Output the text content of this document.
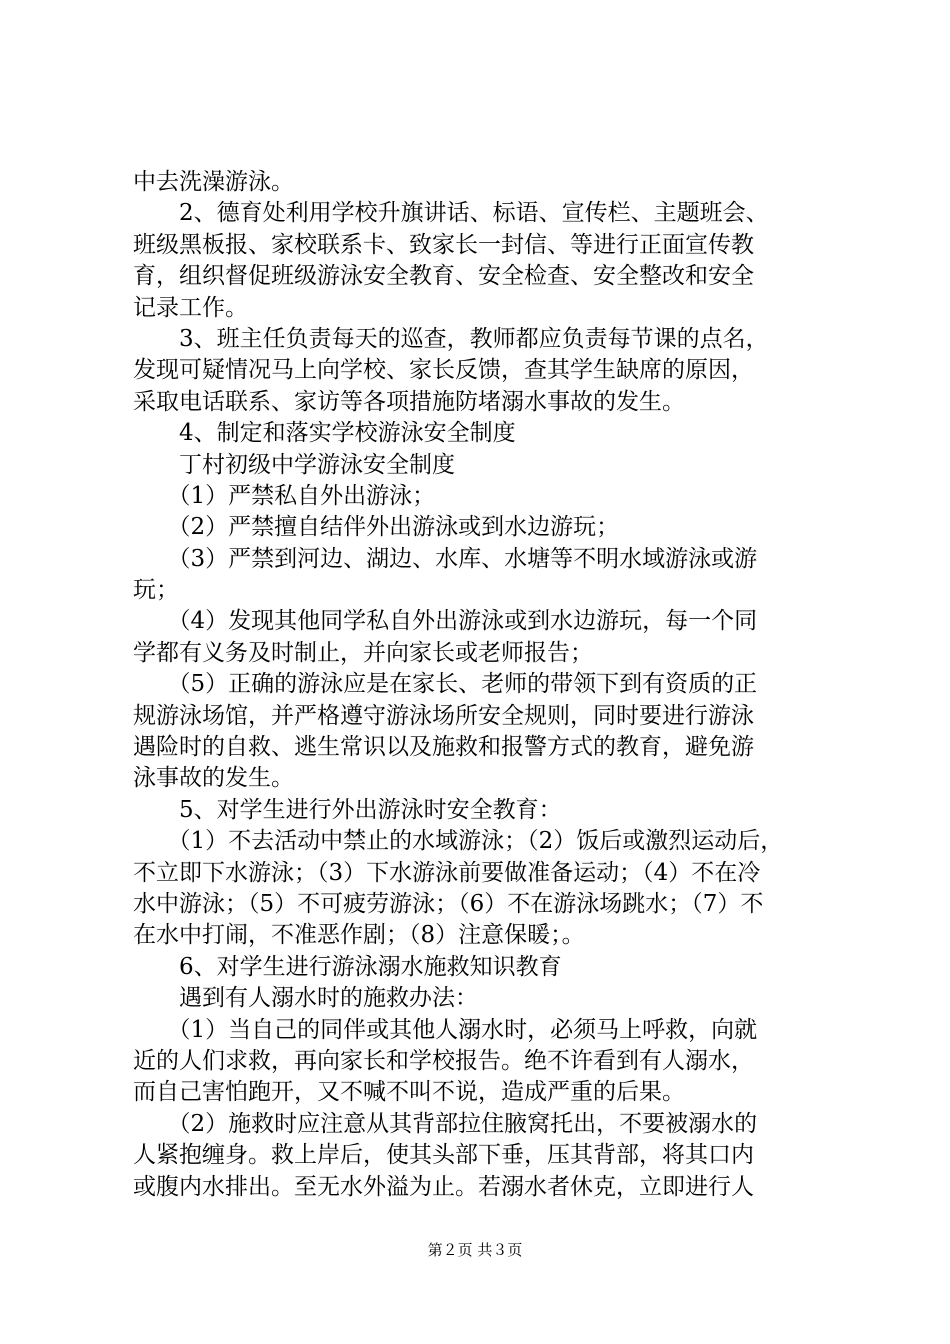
中去洗澡游泳。
　　2、德育处利用学校升旗讲话、标语、宣传栏、主题班会、
班级黑板报、家校联系卡、致家长一封信、等进行正面宣传教
育，组织督促班级游泳安全教育、安全检查、安全整改和安全
记录工作。
　　3、班主任负责每天的巡查，教师都应负责每节课的点名，
发现可疑情况马上向学校、家长反馈，查其学生缺席的原因，
采取电话联系、家访等各项措施防堵溺水事故的发生。
　　4、制定和落实学校游泳安全制度
　　丁村初级中学游泳安全制度
　　（1）严禁私自外出游泳；
　　（2）严禁擅自结伴外出游泳或到水边游玩；
　　（3）严禁到河边、湖边、水库、水塘等不明水域游泳或游
玩；
　　（4）发现其他同学私自外出游泳或到水边游玩，每一个同
学都有义务及时制止，并向家长或老师报告；
　　（5）正确的游泳应是在家长、老师的带领下到有资质的正
规游泳场馆，并严格遵守游泳场所安全规则，同时要进行游泳
遇险时的自救、逃生常识以及施救和报警方式的教育，避免游
泳事故的发生。
　　5、对学生进行外出游泳时安全教育：
　　（1）不去活动中禁止的水域游泳；（2）饭后或激烈运动后，
不立即下水游泳；（3）下水游泳前要做准备运动；（4）不在冷
水中游泳；（5）不可疲劳游泳；（6）不在游泳场跳水；（7）不
在水中打闹，不准恶作剧；（8）注意保暖；。
　　6、对学生进行游泳溺水施救知识教育
　　遇到有人溺水时的施救办法：
　　（1）当自己的同伴或其他人溺水时，必须马上呼救，向就
近的人们求救，再向家长和学校报告。绝不许看到有人溺水，
而自己害怕跑开，又不喊不叫不说，造成严重的后果。
　　（2）施救时应注意从其背部拉住腋窝托出，不要被溺水的
人紧抱缠身。救上岸后，使其头部下垂，压其背部，将其口内
或腹内水排出。至无水外溢为止。若溺水者休克，立即进行人
第２页 共３页
